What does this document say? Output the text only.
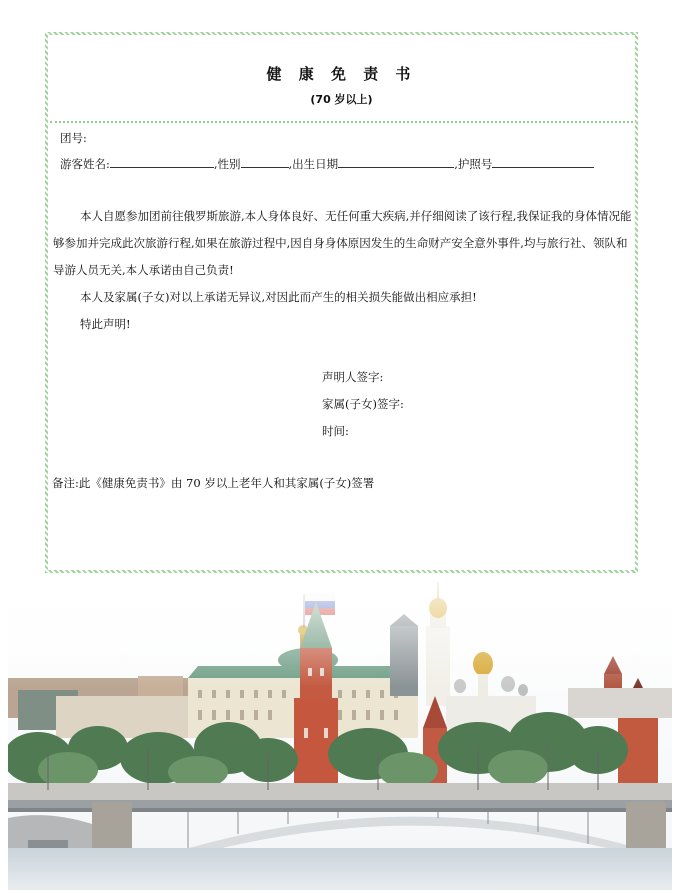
健 康 免 责 书
(70 岁以上)
团号:
游客姓名:	,性别	,出生日期	,护照号

本人自愿参加团前往俄罗斯旅游,本人身体良好、无任何重大疾病,并仔细阅读了该行程,我保证我的身体情况能够参加并完成此次旅游行程,如果在旅游过程中,因自身身体原因发生的生命财产安全意外事件,均与旅行社、领队和导游人员无关,本人承诺由自己负责!

本人及家属(子女)对以上承诺无异议,对因此而产生的相关损失能做出相应承担!

特此声明!

声明人签字:
家属(子女)签字:
时间:
备注:此《健康免责书》由 70 岁以上老年人和其家属(子女)签署
